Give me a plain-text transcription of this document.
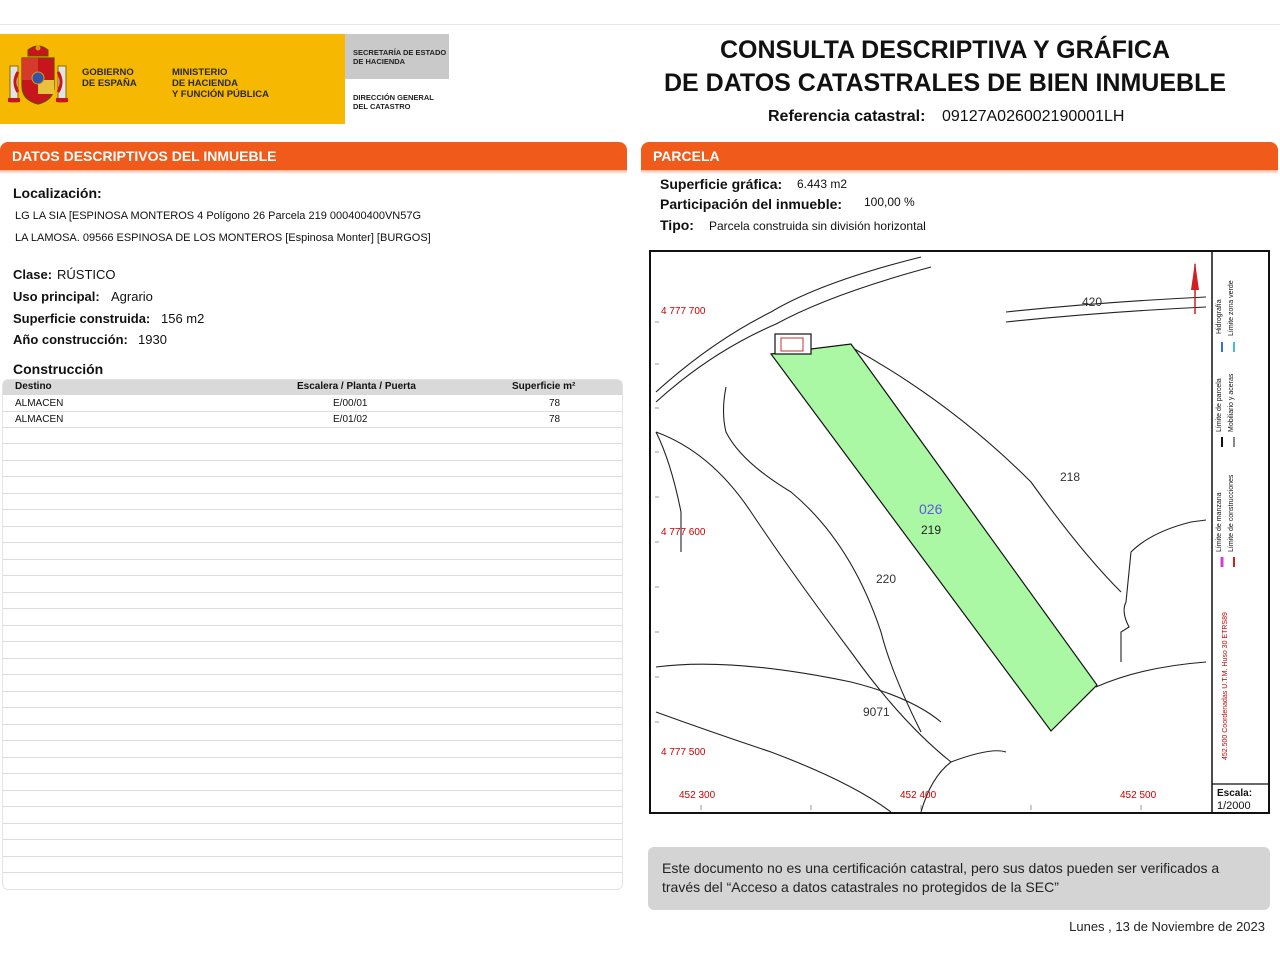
GOBIERNO
DE ESPAÑA
MINISTERIO
DE HACIENDA
Y FUNCIÓN PÚBLICA
SECRETARÍA DE ESTADO
DE HACIENDA
DIRECCIÓN GENERAL
DEL CATASTRO
CONSULTA DESCRIPTIVA Y GRÁFICA
DE DATOS CATASTRALES DE BIEN INMUEBLE
Referencia catastral: 09127A026002190001LH
DATOS DESCRIPTIVOS DEL INMUEBLE
Localización:
LG LA SIA [ESPINOSA MONTEROS 4 Polígono 26 Parcela 219 000400400VN57G
LA LAMOSA. 09566 ESPINOSA DE LOS MONTEROS [Espinosa Monter] [BURGOS]
Clase: RÚSTICO
Uso principal: Agrario
Superficie construida: 156 m2
Año construcción: 1930
Construcción
Destino	Escalera / Planta / Puerta	Superficie m²
ALMACEN	E/00/01	78
ALMACEN	E/01/02	78
PARCELA
Superficie gráfica: 6.443 m2
Participación del inmueble: 100,00 %
Tipo: Parcela construida sin división horizontal
4 777 700
4 777 600
4 777 500
452 300	452 400	452 500
420
218
026
219
220
9071
Hidrografía Límite zona verde
Límite de parcela Mobiliario y aceras
Límite de manzana Límite de construcciones
452.500 Coordenadas U.T.M. Huso 30 ETRS89
Escala:
1/2000
Este documento no es una certificación catastral, pero sus datos pueden ser verificados a través del “Acceso a datos catastrales no protegidos de la SEC”
Lunes , 13 de Noviembre de 2023
